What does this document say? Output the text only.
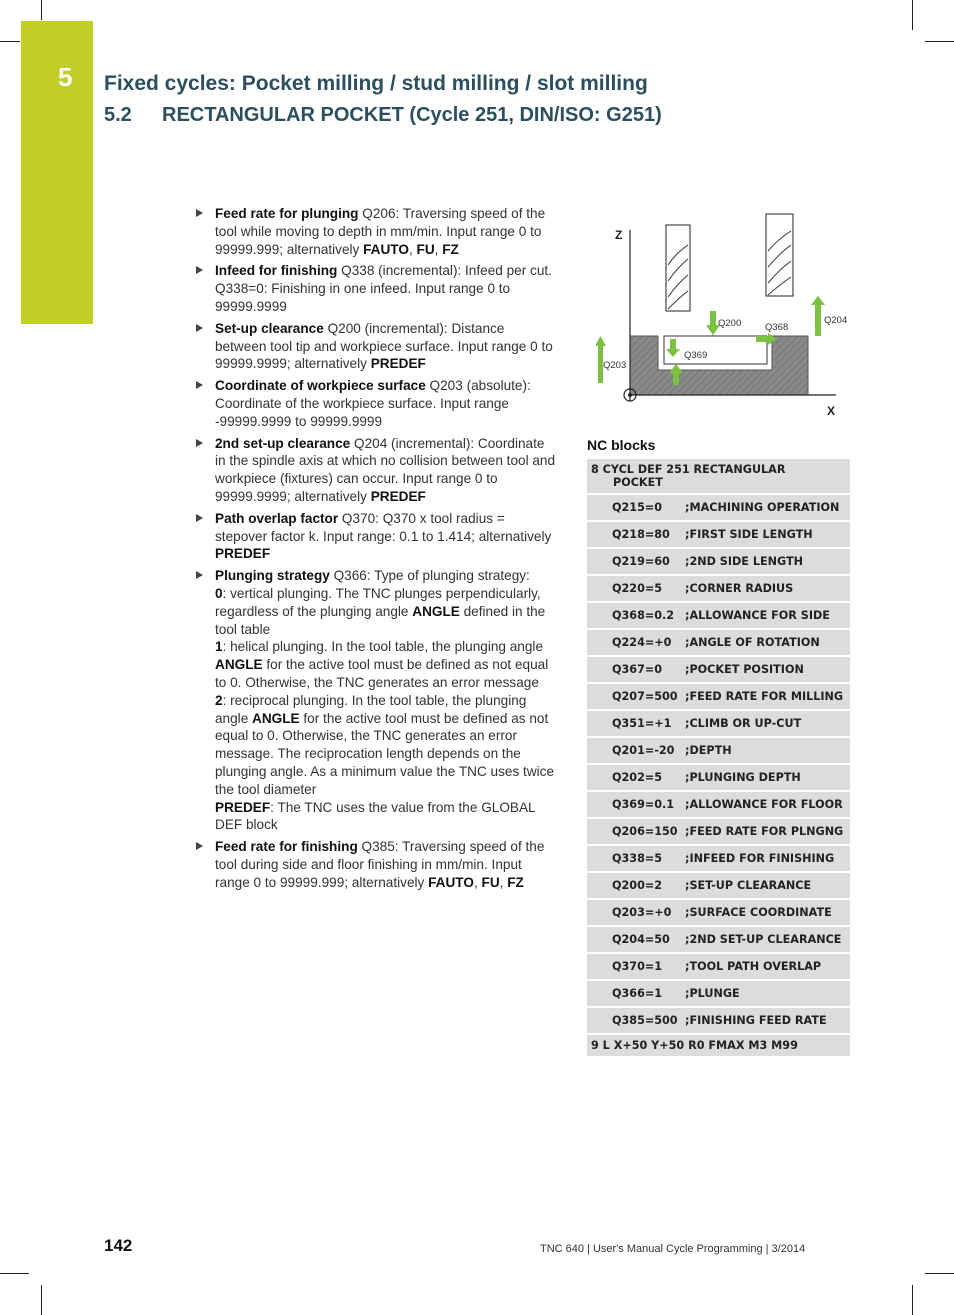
5 Fixed cycles: Pocket milling / stud milling / slot milling
5.2 RECTANGULAR POCKET (Cycle 251, DIN/ISO: G251)
Feed rate for plunging Q206: Traversing speed of the tool while moving to depth in mm/min. Input range 0 to 99999.999; alternatively FAUTO, FU, FZ
Infeed for finishing Q338 (incremental): Infeed per cut. Q338=0: Finishing in one infeed. Input range 0 to 99999.9999
Set-up clearance Q200 (incremental): Distance between tool tip and workpiece surface. Input range 0 to 99999.9999; alternatively PREDEF
Coordinate of workpiece surface Q203 (absolute): Coordinate of the workpiece surface. Input range -99999.9999 to 99999.9999
2nd set-up clearance Q204 (incremental): Coordinate in the spindle axis at which no collision between tool and workpiece (fixtures) can occur. Input range 0 to 99999.9999; alternatively PREDEF
Path overlap factor Q370: Q370 x tool radius = stepover factor k. Input range: 0.1 to 1.414; alternatively PREDEF
Plunging strategy Q366: Type of plunging strategy:
0: vertical plunging. The TNC plunges perpendicularly, regardless of the plunging angle ANGLE defined in the tool table
1: helical plunging. In the tool table, the plunging angle ANGLE for the active tool must be defined as not equal to 0. Otherwise, the TNC generates an error message
2: reciprocal plunging. In the tool table, the plunging angle ANGLE for the active tool must be defined as not equal to 0. Otherwise, the TNC generates an error message. The reciprocation length depends on the plunging angle. As a minimum value the TNC uses twice the tool diameter
PREDEF: The TNC uses the value from the GLOBAL DEF block
Feed rate for finishing Q385: Traversing speed of the tool during side and floor finishing in mm/min. Input range 0 to 99999.999; alternatively FAUTO, FU, FZ
Z
X
Q200	Q368
Q204
Q203
Q369
NC blocks
8 CYCL DEF 251 RECTANGULAR
POCKET
Q215=0	;MACHINING OPERATION
Q218=80	;FIRST SIDE LENGTH
Q219=60	;2ND SIDE LENGTH
Q220=5	;CORNER RADIUS
Q368=0.2 ;ALLOWANCE FOR SIDE
Q224=+0	;ANGLE OF ROTATION
Q367=0	;POCKET POSITION
Q207=500 ;FEED RATE FOR MILLING
Q351=+1	;CLIMB OR UP-CUT
Q201=-20 ;DEPTH
Q202=5	;PLUNGING DEPTH
Q369=0.1 ;ALLOWANCE FOR FLOOR
Q206=150 ;FEED RATE FOR PLNGNG
Q338=5	;INFEED FOR FINISHING
Q200=2	;SET-UP CLEARANCE
Q203=+0	;SURFACE COORDINATE
Q204=50	;2ND SET-UP CLEARANCE
Q370=1	;TOOL PATH OVERLAP
Q366=1	;PLUNGE
Q385=500 ;FINISHING FEED RATE
9 L X+50 Y+50 R0 FMAX M3 M99
142	TNC 640 | User's Manual Cycle Programming | 3/2014
